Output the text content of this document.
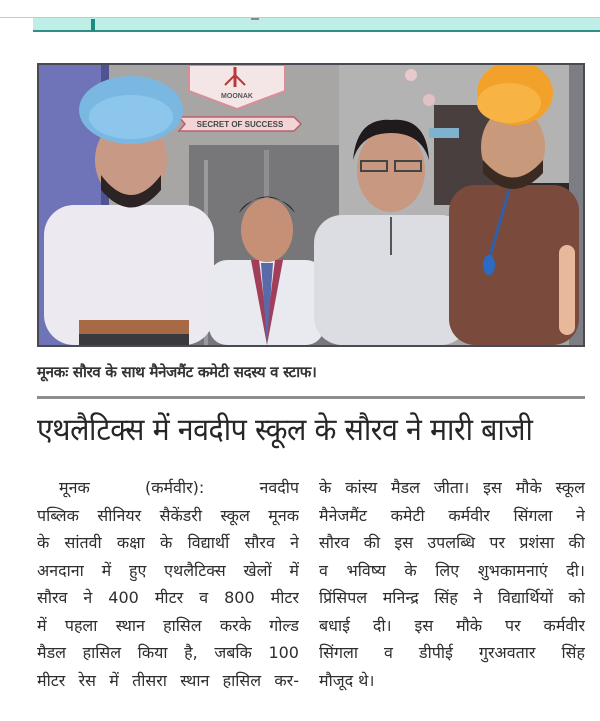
MOONAK
SECRET OF SUCCESS
मूनकः सौरव के साथ मैनेजमैंट कमेटी सदस्य व स्टाफ।
एथलैटिक्स में नवदीप स्कूल के सौरव ने मारी बाजी
मूनक (कर्मवीर): नवदीप
पब्लिक सीनियर सैकेंडरी स्कूल मूनक
के सांतवी कक्षा के विद्यार्थी सौरव ने
अनदाना में हुए एथलैटिक्स खेलों में
सौरव ने 400 मीटर व 800 मीटर
में पहला स्थान हासिल करके गोल्ड
मैडल हासिल किया है, जबकि 100
मीटर रेस में तीसरा स्थान हासिल कर-
के कांस्य मैडल जीता। इस मौके स्कूल
मैनेजमैंट कमेटी कर्मवीर सिंगला ने
सौरव की इस उपलब्धि पर प्रशंसा की
व भविष्य के लिए शुभकामनाएं दी।
प्रिंसिपल मनिन्द्र सिंह ने विद्यार्थियों को
बधाई दी। इस मौके पर कर्मवीर
सिंगला व डीपीई गुरअवतार सिंह
मौजूद थे।
